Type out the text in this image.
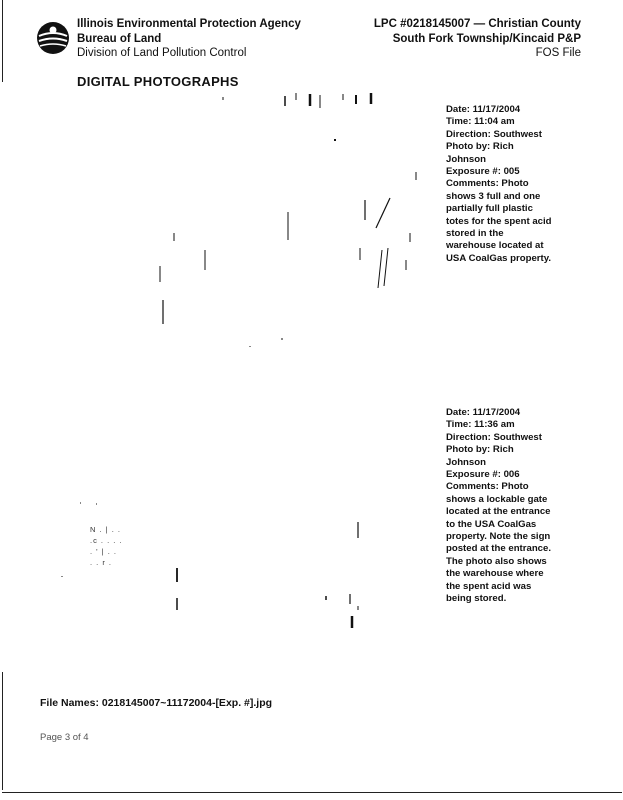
Illinois Environmental Protection Agency
Bureau of Land
Division of Land Pollution Control
LPC #0218145007 — Christian County
South Fork Township/Kincaid P&P
FOS File
DIGITAL PHOTOGRAPHS
Date: 11/17/2004
Time: 11:04 am
Direction: Southwest
Photo by: Rich
Johnson
Exposure #: 005
Comments: Photo
shows 3 full and one
partially full plastic
totes for the spent acid
stored in the
warehouse located at
USA CoalGas property.
N . | . .
.c . . . .
. ' | . .
. . r .
Date: 11/17/2004
Time: 11:36 am
Direction: Southwest
Photo by: Rich
Johnson
Exposure #: 006
Comments: Photo
shows a lockable gate
located at the entrance
to the USA CoalGas
property. Note the sign
posted at the entrance.
The photo also shows
the warehouse where
the spent acid was
being stored.
File Names: 0218145007~11172004-[Exp. #].jpg
Page 3 of 4
